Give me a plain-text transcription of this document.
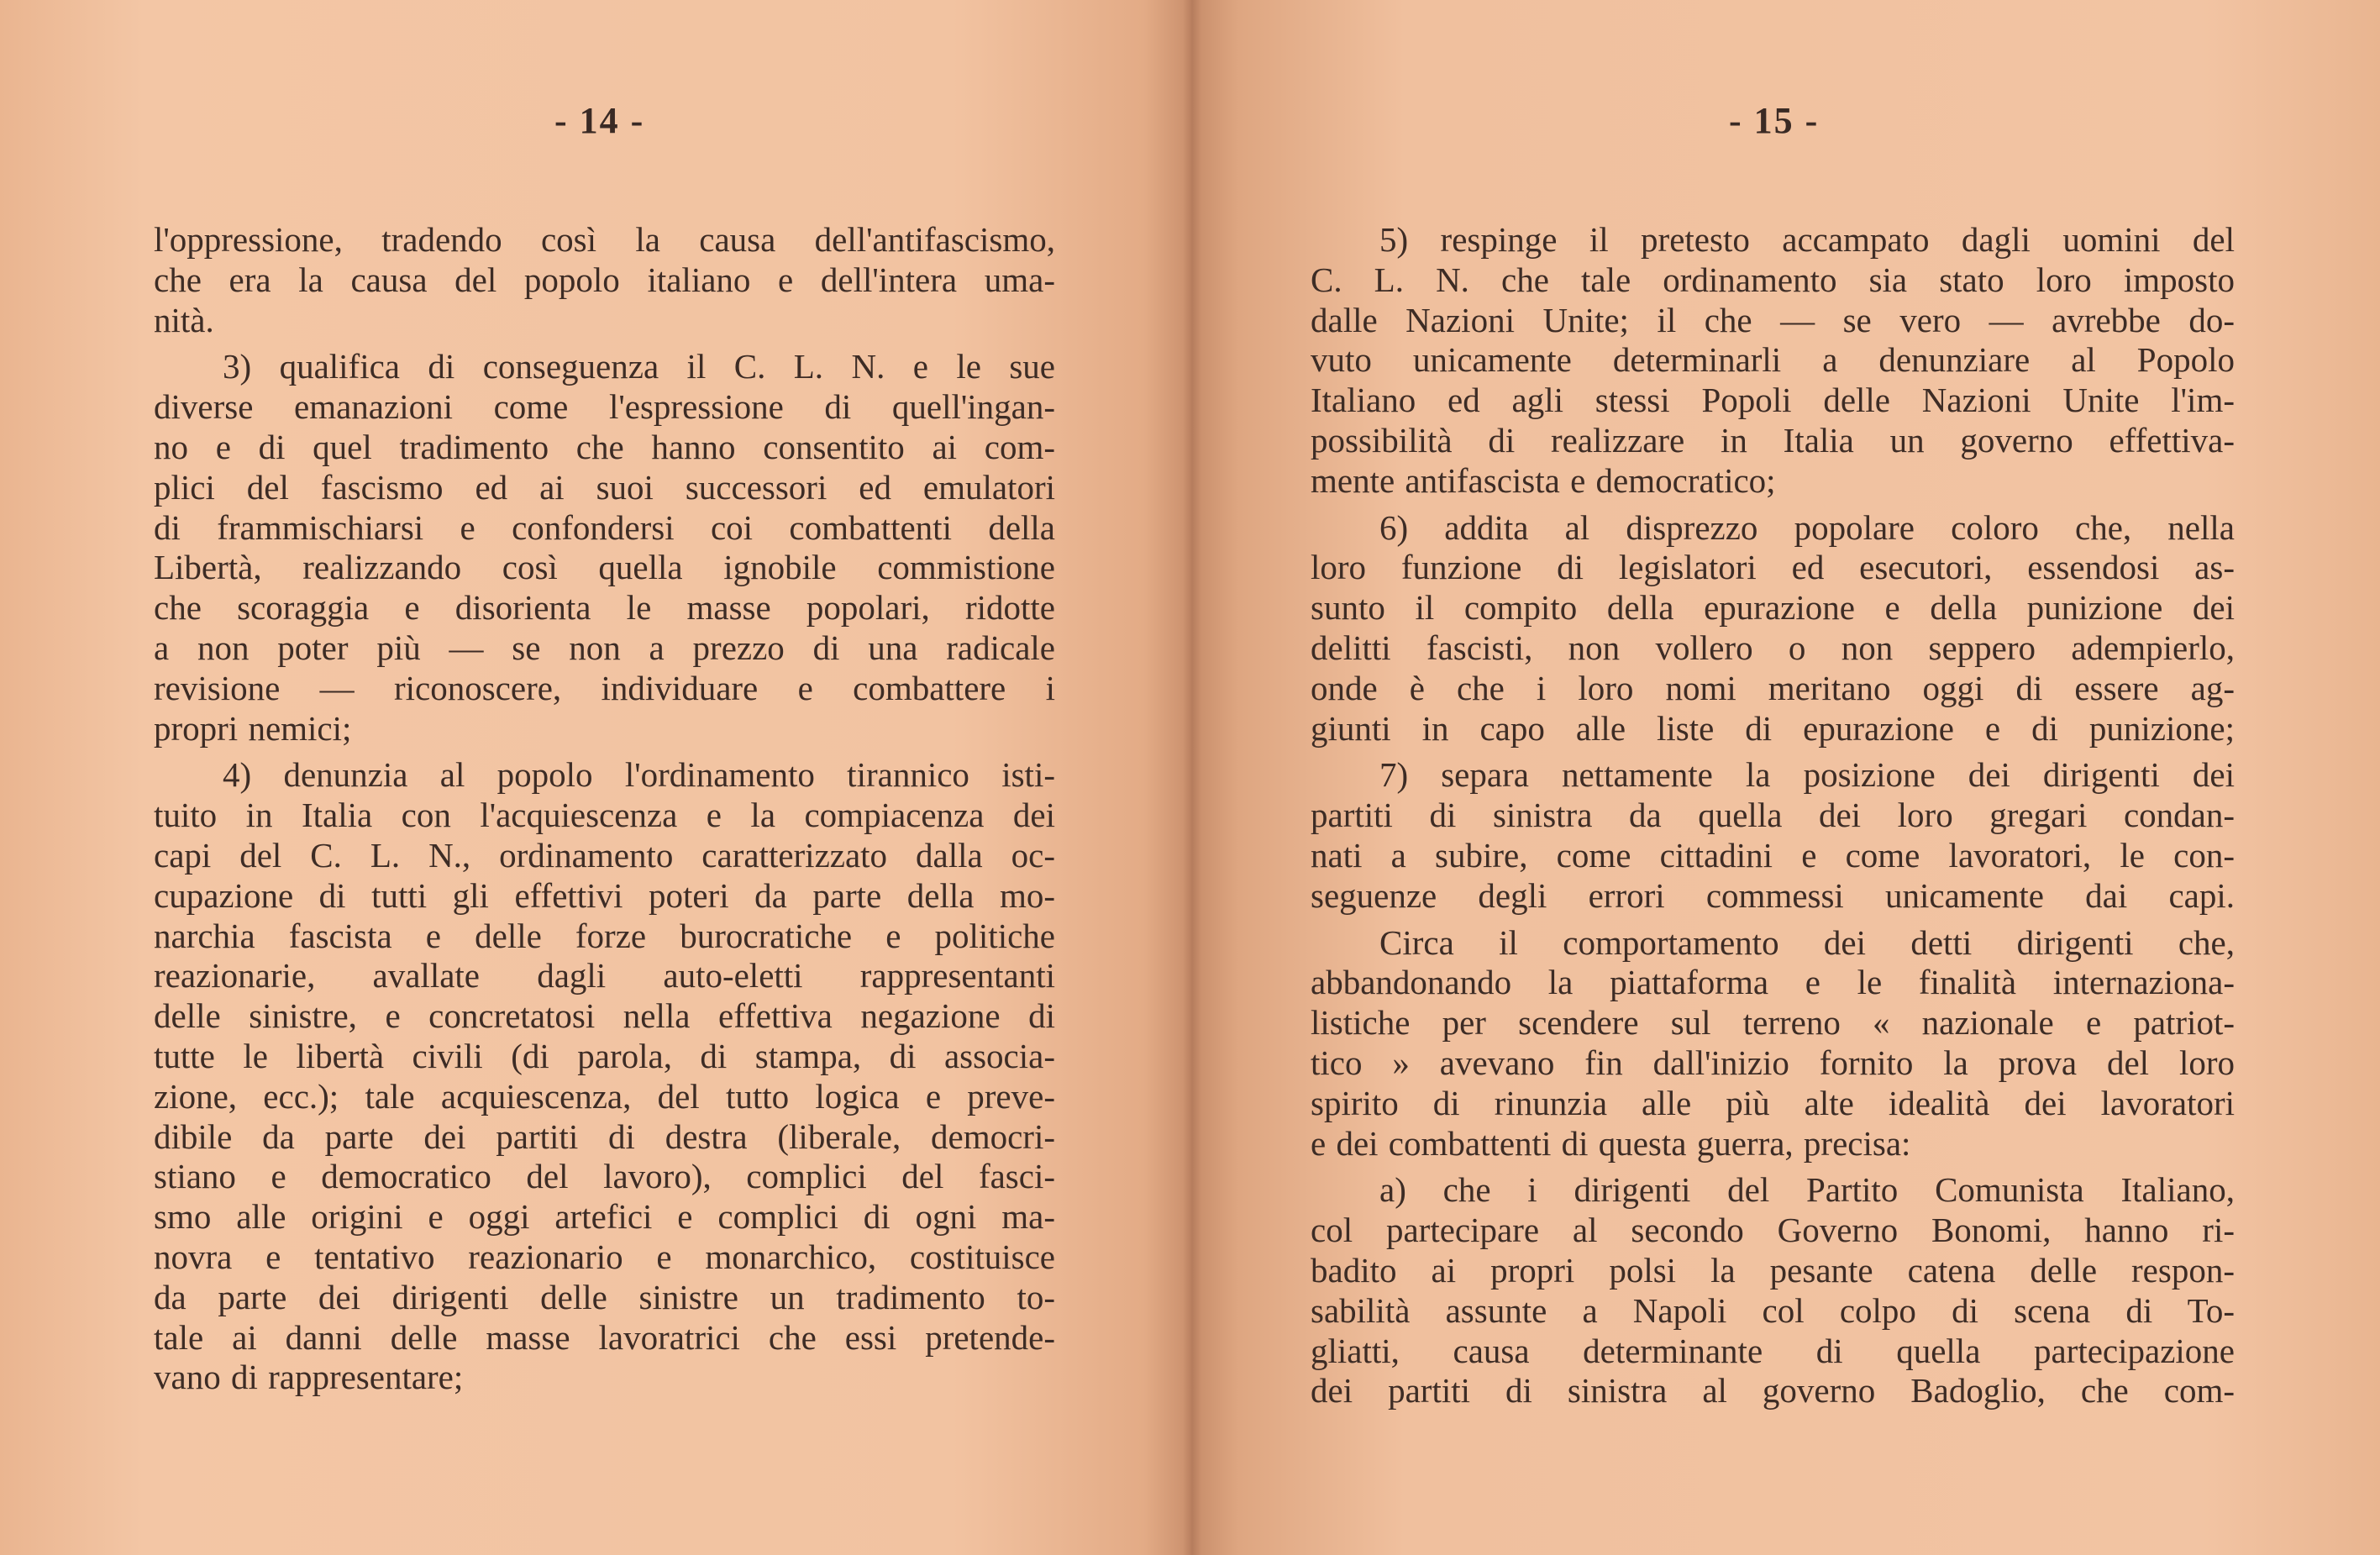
- 14 -
l'oppressione, tradendo così la causa dell'antifascismo,
che era la causa del popolo italiano e dell'intera uma-
nità.
3) qualifica di conseguenza il C. L. N. e le sue
diverse emanazioni come l'espressione di quell'ingan-
no e di quel tradimento che hanno consentito ai com-
plici del fascismo ed ai suoi successori ed emulatori
di frammischiarsi e confondersi coi combattenti della
Libertà, realizzando così quella ignobile commistione
che scoraggia e disorienta le masse popolari, ridotte
a non poter più — se non a prezzo di una radicale
revisione — riconoscere, individuare e combattere i
propri nemici;
4) denunzia al popolo l'ordinamento tirannico isti-
tuito in Italia con l'acquiescenza e la compiacenza dei
capi del C. L. N., ordinamento caratterizzato dalla oc-
cupazione di tutti gli effettivi poteri da parte della mo-
narchia fascista e delle forze burocratiche e politiche
reazionarie, avallate dagli auto-eletti rappresentanti
delle sinistre, e concretatosi nella effettiva negazione di
tutte le libertà civili (di parola, di stampa, di associa-
zione, ecc.); tale acquiescenza, del tutto logica e preve-
dibile da parte dei partiti di destra (liberale, democri-
stiano e democratico del lavoro), complici del fasci-
smo alle origini e oggi artefici e complici di ogni ma-
novra e tentativo reazionario e monarchico, costituisce
da parte dei dirigenti delle sinistre un tradimento to-
tale ai danni delle masse lavoratrici che essi pretende-
vano di rappresentare;
- 15 -
5) respinge il pretesto accampato dagli uomini del
C. L. N. che tale ordinamento sia stato loro imposto
dalle Nazioni Unite; il che — se vero — avrebbe do-
vuto unicamente determinarli a denunziare al Popolo
Italiano ed agli stessi Popoli delle Nazioni Unite l'im-
possibilità di realizzare in Italia un governo effettiva-
mente antifascista e democratico;
6) addita al disprezzo popolare coloro che, nella
loro funzione di legislatori ed esecutori, essendosi as-
sunto il compito della epurazione e della punizione dei
delitti fascisti, non vollero o non seppero adempierlo,
onde è che i loro nomi meritano oggi di essere ag-
giunti in capo alle liste di epurazione e di punizione;
7) separa nettamente la posizione dei dirigenti dei
partiti di sinistra da quella dei loro gregari condan-
nati a subire, come cittadini e come lavoratori, le con-
seguenze degli errori commessi unicamente dai capi.
Circa il comportamento dei detti dirigenti che,
abbandonando la piattaforma e le finalità internaziona-
listiche per scendere sul terreno « nazionale e patriot-
tico » avevano fin dall'inizio fornito la prova del loro
spirito di rinunzia alle più alte idealità dei lavoratori
e dei combattenti di questa guerra, precisa:
a) che i dirigenti del Partito Comunista Italiano,
col partecipare al secondo Governo Bonomi, hanno ri-
badito ai propri polsi la pesante catena delle respon-
sabilità assunte a Napoli col colpo di scena di To-
gliatti, causa determinante di quella partecipazione
dei partiti di sinistra al governo Badoglio, che com-
